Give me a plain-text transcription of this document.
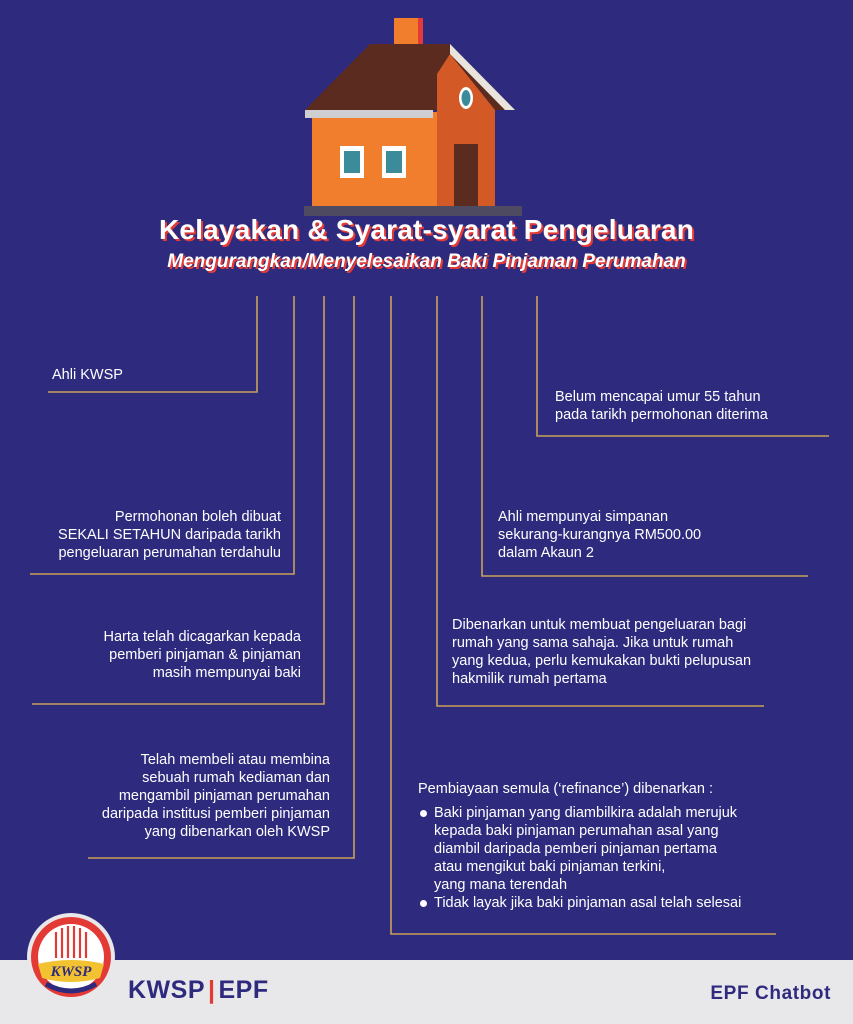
Kelayakan & Syarat-syarat Pengeluaran
Mengurangkan/Menyelesaikan Baki Pinjaman Perumahan
Ahli KWSP
Permohonan boleh dibuat
SEKALI SETAHUN daripada tarikh
pengeluaran perumahan terdahulu
Harta telah dicagarkan kepada
pemberi pinjaman & pinjaman
masih mempunyai baki
Telah membeli atau membina
sebuah rumah kediaman dan
mengambil pinjaman perumahan
daripada institusi pemberi pinjaman
yang dibenarkan oleh KWSP
Belum mencapai umur 55 tahun
pada tarikh permohonan diterima
Ahli mempunyai simpanan
sekurang-kurangnya RM500.00
dalam Akaun 2
Dibenarkan untuk membuat pengeluaran bagi
rumah yang sama sahaja. Jika untuk rumah
yang kedua, perlu kemukakan bukti pelupusan
hakmilik rumah pertama
Pembiayaan semula (‘refinance’) dibenarkan :
Baki pinjaman yang diambilkira adalah merujuk
kepada baki pinjaman perumahan asal yang
diambil daripada pemberi pinjaman pertama
atau mengikut baki pinjaman terkini,
yang mana terendah
Tidak layak jika baki pinjaman asal telah selesai
KWSP
KWSP | EPF	EPF Chatbot
